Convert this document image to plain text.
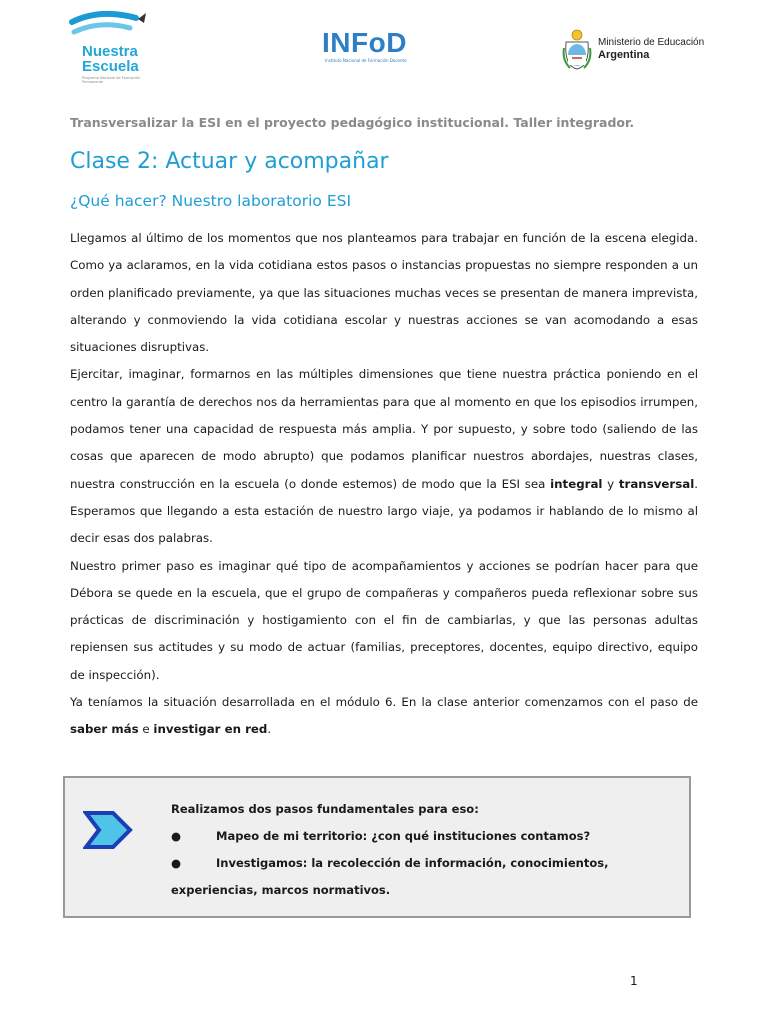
Nuestra
Escuela
Programa Nacional de Formación Permanente
INFoD
Instituto Nacional de Formación Docente
Ministerio de Educación
Argentina

Transversalizar la ESI en el proyecto pedagógico institucional. Taller integrador.

Clase 2: Actuar y acompañar
¿Qué hacer? Nuestro laboratorio ESI

Llegamos al último de los momentos que nos planteamos para trabajar en función de la escena elegida. Como ya aclaramos, en la vida cotidiana estos pasos o instancias propuestas no siempre responden a un orden planificado previamente, ya que las situaciones muchas veces se presentan de manera imprevista, alterando y conmoviendo la vida cotidiana escolar y nuestras acciones se van acomodando a esas situaciones disruptivas.

Ejercitar, imaginar, formarnos en las múltiples dimensiones que tiene nuestra práctica poniendo en el centro la garantía de derechos nos da herramientas para que al momento en que los episodios irrumpen, podamos tener una capacidad de respuesta más amplia. Y por supuesto, y sobre todo (saliendo de las cosas que aparecen de modo abrupto) que podamos planificar nuestros abordajes, nuestras clases, nuestra construcción en la escuela (o donde estemos) de modo que la ESI sea integral y transversal. Esperamos que llegando a esta estación de nuestro largo viaje, ya podamos ir hablando de lo mismo al decir esas dos palabras.

Nuestro primer paso es imaginar qué tipo de acompañamientos y acciones se podrían hacer para que Débora se quede en la escuela, que el grupo de compañeras y compañeros pueda reflexionar sobre sus prácticas de discriminación y hostigamiento con el fin de cambiarlas, y que las personas adultas repiensen sus actitudes y su modo de actuar (familias, preceptores, docentes, equipo directivo, equipo de inspección).

Ya teníamos la situación desarrollada en el módulo 6. En la clase anterior comenzamos con el paso de saber más e investigar en red.

Realizamos dos pasos fundamentales para eso:

●	Mapeo de mi territorio: ¿con qué instituciones contamos?

●	Investigamos: la recolección de información, conocimientos, experiencias, marcos normativos.

1
